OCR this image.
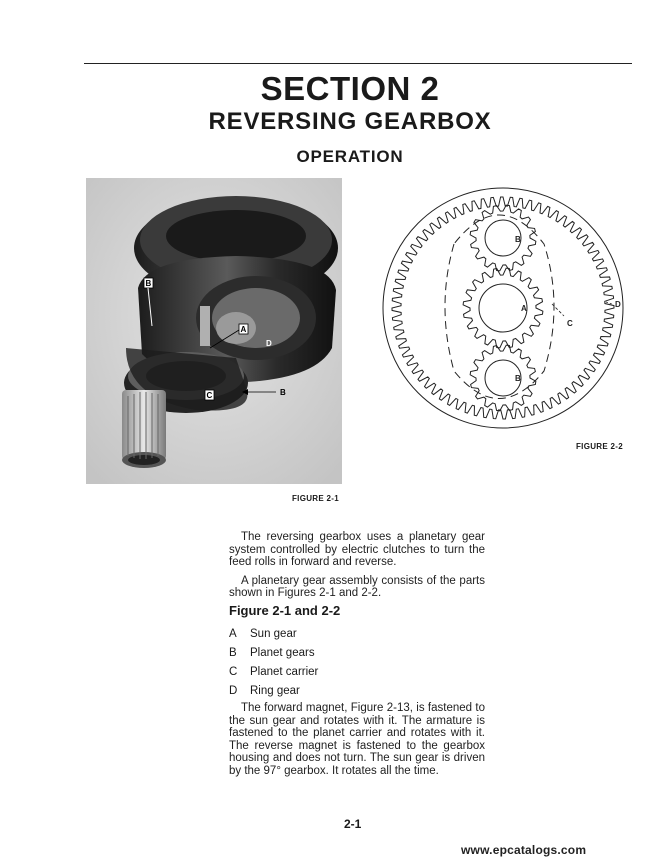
SECTION 2
REVERSING GEARBOX
OPERATION
B
A
D
C	B
B
A
B
C
D
FIGURE 2-1
FIGURE 2-2

The reversing gearbox uses a planetary gear system controlled by electric clutches to turn the feed rolls in forward and reverse.

A planetary gear assembly consists of the parts shown in Figures 2-1 and 2-2.

Figure 2-1 and 2-2
A Sun gear
B Planet gears
C Planet carrier
D Ring gear

The forward magnet, Figure 2-13, is fastened to the sun gear and rotates with it. The armature is fastened to the planet carrier and rotates with it. The reverse magnet is fastened to the gearbox housing and does not turn. The sun gear is driven by the 97° gearbox. It rotates all the time.

2-1
www.epcatalogs.com
